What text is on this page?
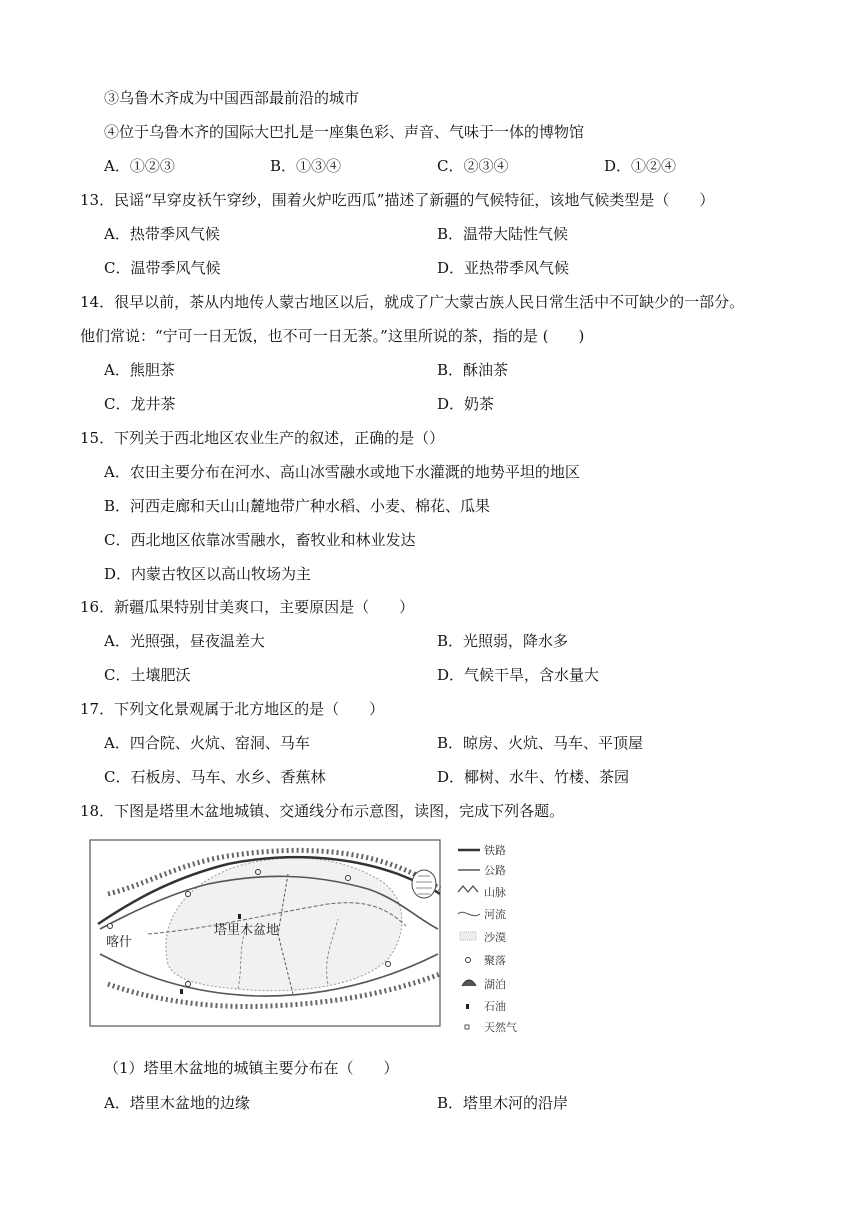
③乌鲁木齐成为中国西部最前沿的城市
④位于乌鲁木齐的国际大巴扎是一座集色彩、声音、气味于一体的博物馆
A．①②③	B．①③④	C．②③④	D．①②④
13．民谣“早穿皮袄午穿纱，围着火炉吃西瓜”描述了新疆的气候特征，该地气候类型是（　　）
A．热带季风气候	B．温带大陆性气候
C．温带季风气候	D．亚热带季风气候
14．很早以前，茶从内地传人蒙古地区以后，就成了广大蒙古族人民日常生活中不可缺少的一部分。
他们常说：“宁可一日无饭，也不可一日无茶。”这里所说的茶，指的是 (　　)
A．熊胆茶	B．酥油茶
C．龙井茶	D．奶茶
15．下列关于西北地区农业生产的叙述，正确的是（）
A．农田主要分布在河水、高山冰雪融水或地下水灌溉的地势平坦的地区
B．河西走廊和天山山麓地带广种水稻、小麦、棉花、瓜果
C．西北地区依靠冰雪融水，畜牧业和林业发达
D．内蒙古牧区以高山牧场为主
16．新疆瓜果特别甘美爽口，主要原因是（　　）
A．光照强，昼夜温差大	B．光照弱，降水多
C．土壤肥沃	D．气候干旱，含水量大
17．下列文化景观属于北方地区的是（　　）
A．四合院、火炕、窑洞、马车	B．晾房、火炕、马车、平顶屋
C．石板房、马车、水乡、香蕉林	D．椰树、水牛、竹楼、茶园
18．下图是塔里木盆地城镇、交通线分布示意图，读图，完成下列各题。
塔里木盆地
喀什
铁路
公路
山脉
河流
沙漠
聚落
湖泊
石油
天然气
（1）塔里木盆地的城镇主要分布在（　　）
A．塔里木盆地的边缘	B．塔里木河的沿岸
